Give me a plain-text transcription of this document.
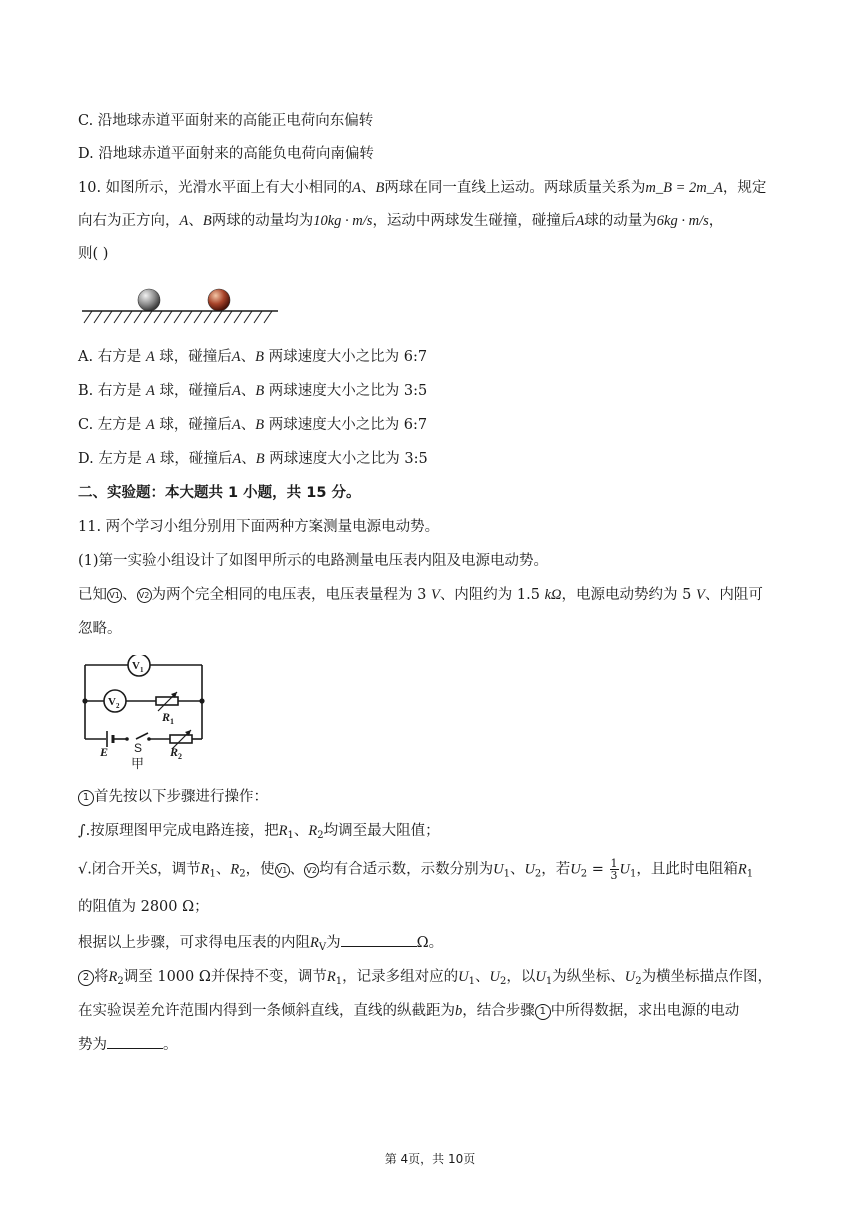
C. 沿地球赤道平面射来的高能正电荷向东偏转
D. 沿地球赤道平面射来的高能负电荷向南偏转
10. 如图所示，光滑水平面上有大小相同的A、B两球在同一直线上运动。两球质量关系为m_B = 2m_A，规定
向右为正方向，A、B两球的动量均为10kg · m/s，运动中两球发生碰撞，碰撞后A球的动量为6kg · m/s，
则( )
A. 右方是 A 球，碰撞后A、B 两球速度大小之比为 6:7
B. 右方是 A 球，碰撞后A、B 两球速度大小之比为 3:5
C. 左方是 A 球，碰撞后A、B 两球速度大小之比为 6:7
D. 左方是 A 球，碰撞后A、B 两球速度大小之比为 3:5
二、实验题：本大题共 1 小题，共 15 分。
11. 两个学习小组分别用下面两种方案测量电源电动势。
(1)第一实验小组设计了如图甲所示的电路测量电压表内阻及电源电动势。
已知 V1 、 V2 为两个完全相同的电压表，电压表量程为 3 V、内阻约为 1.5 kΩ，电源电动势约为 5 V、内阻可
忽略。
V 1
V 2
R 1
R 2
E S
甲
1 首先按以下步骤进行操作：
∫.按原理图甲完成电路连接，把$R_1$、$R_2$均调至最大阻值；
√.闭合开关S，调节$R_1$、$R_2$，使 V1 、 V2 均有合适示数，示数分别为$U_1$、$U_2$，若$U_2 = \frac{1}{3} U_1$，且此时电阻箱$R_1$
的阻值为 2800 Ω；
根据以上步骤，可求得电压表的内阻$R_V$为	Ω。
2 将$R_2$调至 1000 Ω并保持不变，调节$R_1$，记录多组对应的$U_1$、$U_2$，以$U_1$为纵坐标、$U_2$为横坐标描点作图，
在实验误差允许范围内得到一条倾斜直线，直线的纵截距为b，结合步骤 1 中所得数据，求出电源的电动
势为	。
第 4页，共 10页
